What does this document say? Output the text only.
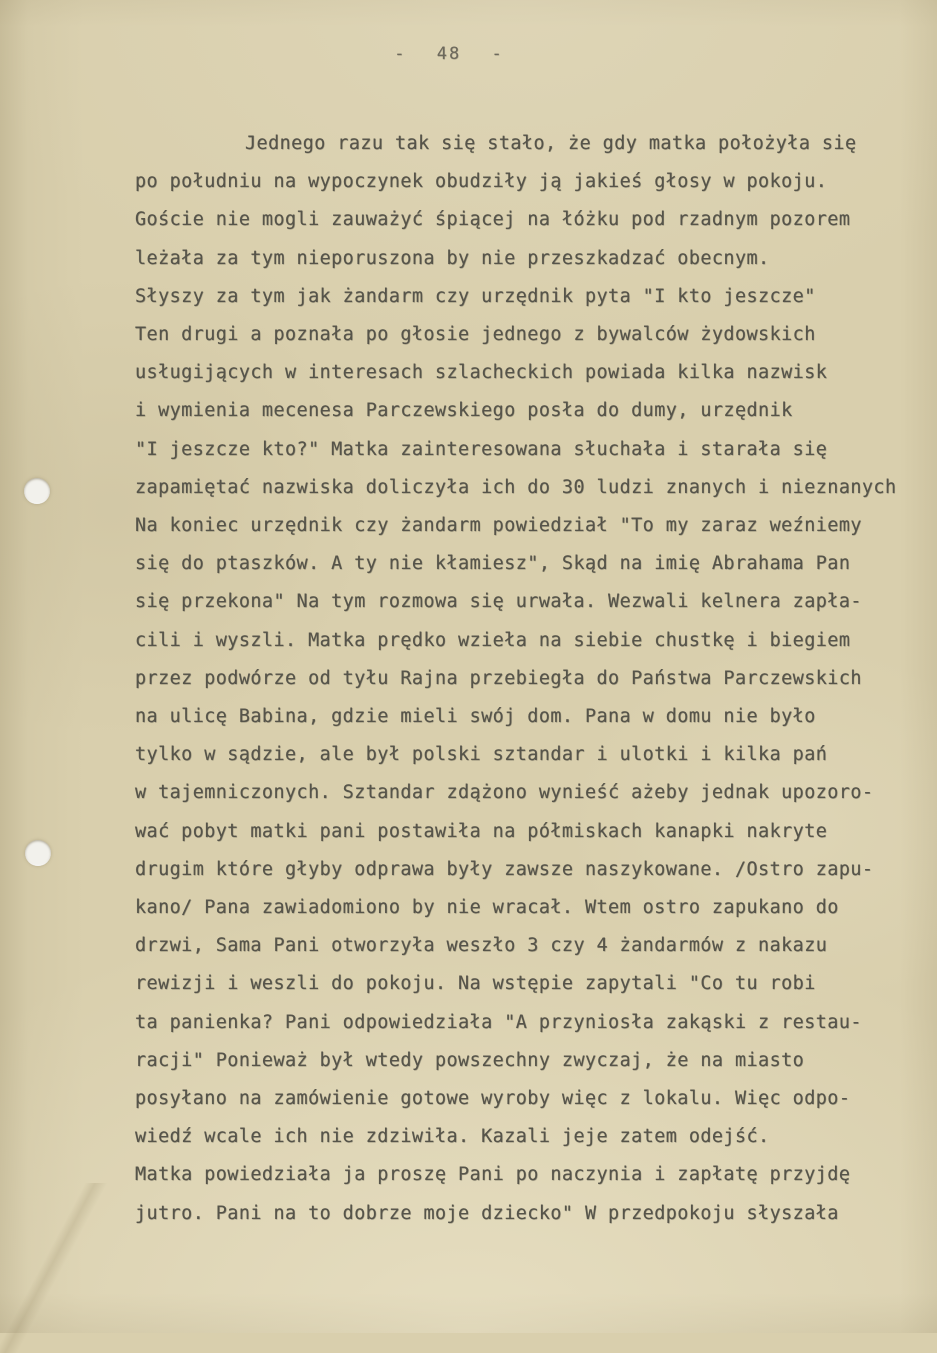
- 48 -
Jednego razu tak się stało, że gdy matka położyła się
po południu na wypoczynek obudziły ją jakieś głosy w pokoju.
Goście nie mogli zauważyć śpiącej na łóżku pod rzadnym pozorem
leżała za tym nieporuszona by nie przeszkadzać obecnym.
Słyszy za tym jak żandarm czy urzędnik pyta "I kto jeszcze"
Ten drugi a poznała po głosie jednego z bywalców żydowskich
usługijących w interesach szlacheckich powiada kilka nazwisk
i wymienia mecenesa Parczewskiego posła do dumy, urzędnik
"I jeszcze kto?" Matka zainteresowana słuchała i starała się
zapamiętać nazwiska doliczyła ich do 30 ludzi znanych i nieznanych
Na koniec urzędnik czy żandarm powiedział "To my zaraz weźniemy
się do ptaszków. A ty nie kłamiesz", Skąd na imię Abrahama Pan
się przekona" Na tym rozmowa się urwała. Wezwali kelnera zapła-
cili i wyszli. Matka prędko wzieła na siebie chustkę i biegiem
przez podwórze od tyłu Rajna przebiegła do Państwa Parczewskich
na ulicę Babina, gdzie mieli swój dom. Pana w domu nie było
tylko w sądzie, ale był polski sztandar i ulotki i kilka pań
w tajemniczonych. Sztandar zdążono wynieść ażeby jednak upozoro-
wać pobyt matki pani postawiła na półmiskach kanapki nakryte
drugim które głyby odprawa były zawsze naszykowane. /Ostro zapu-
kano/ Pana zawiadomiono by nie wracał. Wtem ostro zapukano do
drzwi, Sama Pani otworzyła weszło 3 czy 4 żandarmów z nakazu
rewizji i weszli do pokoju. Na wstępie zapytali "Co tu robi
ta panienka? Pani odpowiedziała "A przyniosła zakąski z restau-
racji" Ponieważ był wtedy powszechny zwyczaj, że na miasto
posyłano na zamówienie gotowe wyroby więc z lokalu. Więc odpo-
wiedź wcale ich nie zdziwiła. Kazali jeje zatem odejść.
Matka powiedziała ja proszę Pani po naczynia i zapłatę przyjdę
jutro. Pani na to dobrze moje dziecko" W przedpokoju słyszała
